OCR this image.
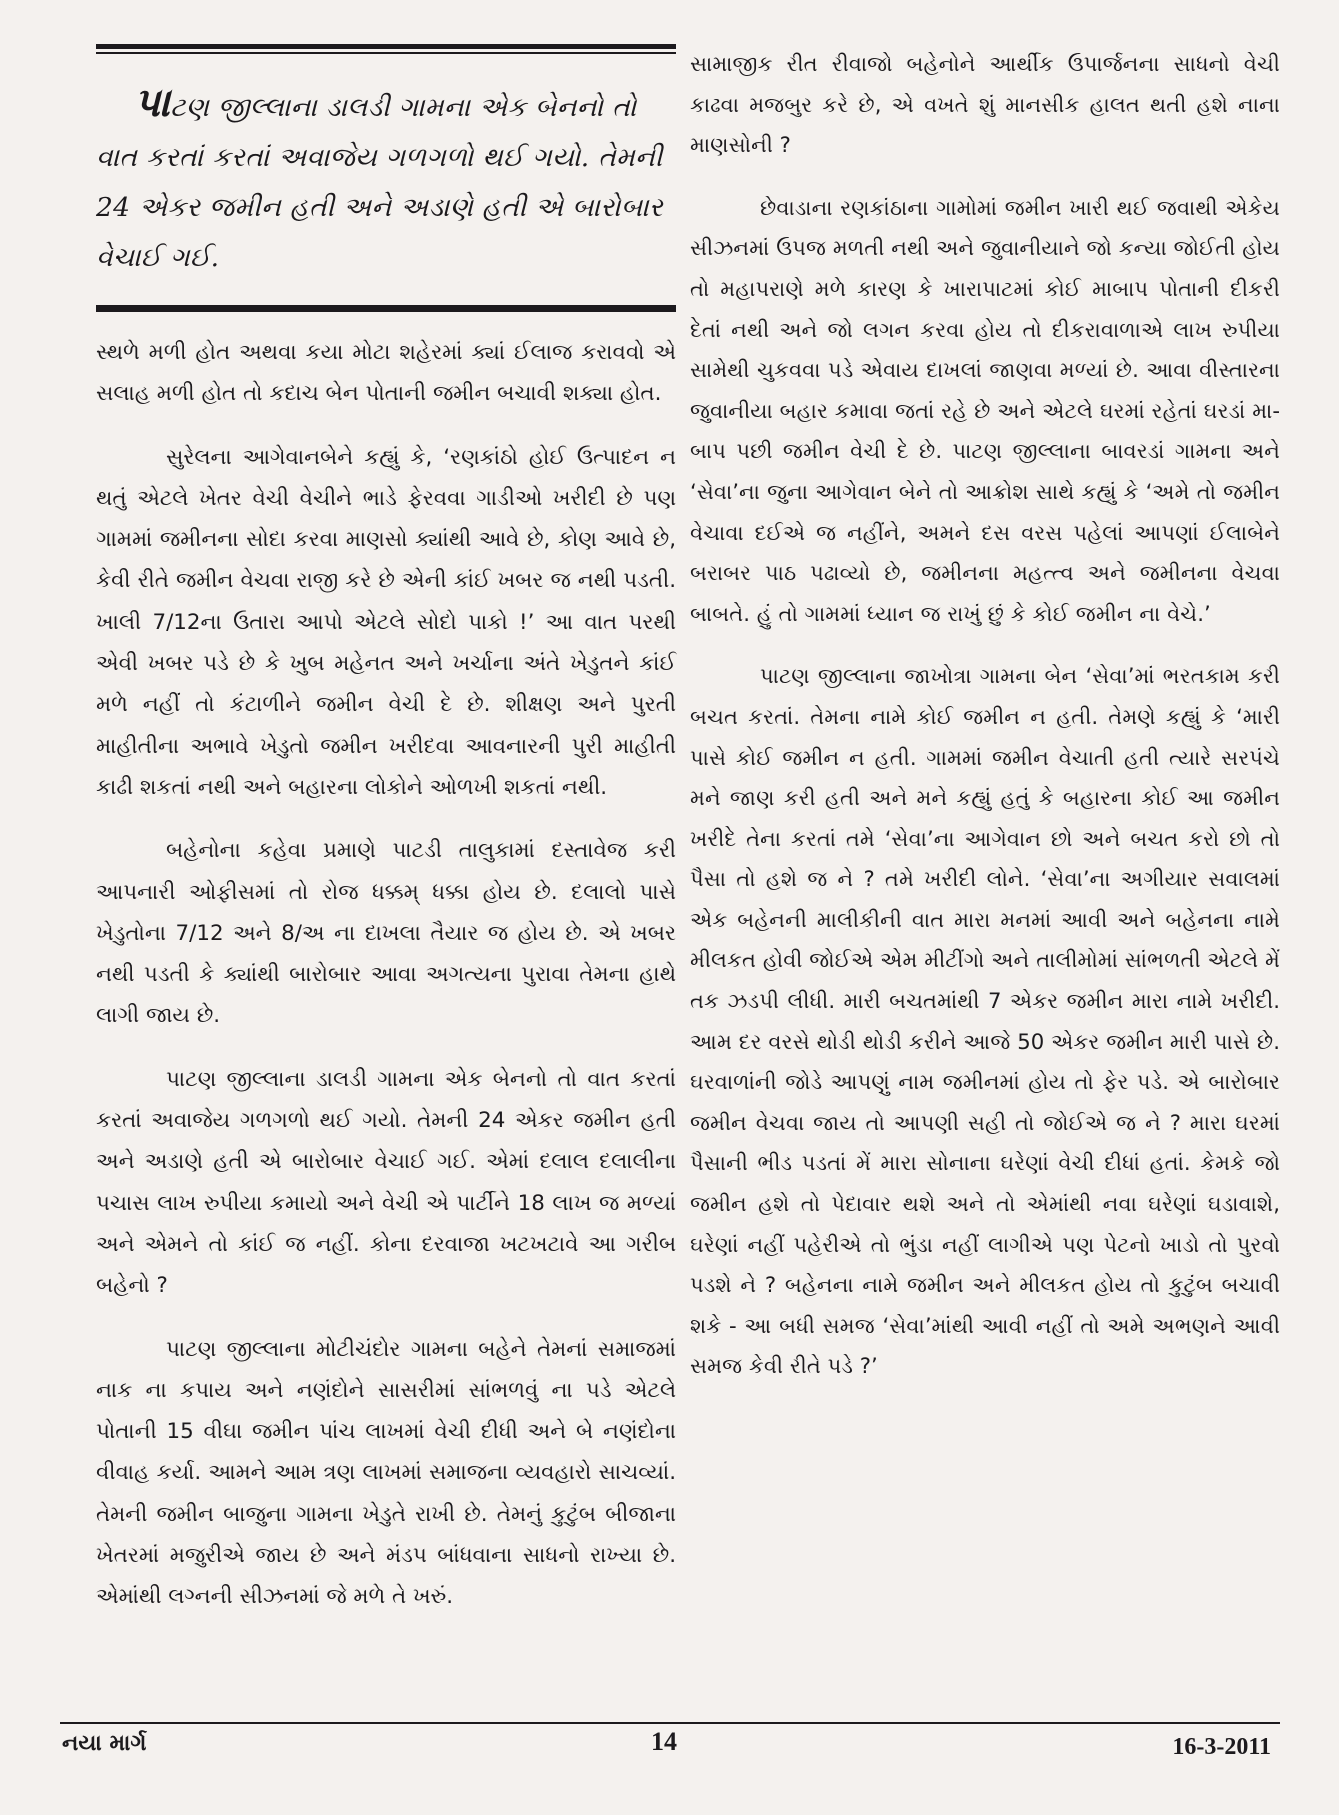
પાટણ જીલ્લાના ડાલડી ગામના એક બેનનો તો વાત કરતાં કરતાં અવાજેય ગળગળો થઈ ગયો. તેમની 24 એકર જમીન હતી અને અડાણે હતી એ બારોબાર વેચાઈ ગઈ.

સ્થળે મળી હોત અથવા કયા મોટા શહેરમાં ક્યાં ઈલાજ કરાવવો એ સલાહ મળી હોત તો કદાચ બેન પોતાની જમીન બચાવી શક્યા હોત.

સુરેલના આગેવાનબેને કહ્યું કે, ‘રણકાંઠો હોઈ ઉત્પાદન ન થતું એટલે ખેતર વેચી વેચીને ભાડે ફેરવવા ગાડીઓ ખરીદી છે પણ ગામમાં જમીનના સોદા કરવા માણસો ક્યાંથી આવે છે, કોણ આવે છે, કેવી રીતે જમીન વેચવા રાજી કરે છે એની કાંઈ ખબર જ નથી પડતી. ખાલી 7/12ના ઉતારા આપો એટલે સોદો પાકો !’ આ વાત પરથી એવી ખબર પડે છે કે ખુબ મહેનત અને ખર્ચાના અંતે ખેડુતને કાંઈ મળે નહીં તો કંટાળીને જમીન વેચી દે છે. શીક્ષણ અને પુરતી માહીતીના અભાવે ખેડુતો જમીન ખરીદવા આવનારની પુરી માહીતી કાઢી શકતાં નથી અને બહારના લોકોને ઓળખી શકતાં નથી.

બહેનોના કહેવા પ્રમાણે પાટડી તાલુકામાં દસ્તાવેજ કરી આપનારી ઓફીસમાં તો રોજ ધક્કમ્ ધક્કા હોય છે. દલાલો પાસે ખેડુતોના 7/12 અને 8/અ ના દાખલા તૈયાર જ હોય છે. એ ખબર નથી પડતી કે ક્યાંથી બારોબાર આવા અગત્યના પુરાવા તેમના હાથે લાગી જાય છે.

પાટણ જીલ્લાના ડાલડી ગામના એક બેનનો તો વાત કરતાં કરતાં અવાજેય ગળગળો થઈ ગયો. તેમની 24 એકર જમીન હતી અને અડાણે હતી એ બારોબાર વેચાઈ ગઈ. એમાં દલાલ દલાલીના પચાસ લાખ રુપીયા કમાયો અને વેચી એ પાર્ટીને 18 લાખ જ મળ્યાં અને એમને તો કાંઈ જ નહીં. કોના દરવાજા ખટખટાવે આ ગરીબ બહેનો ?

પાટણ જીલ્લાના મોટીચંદોર ગામના બહેને તેમનાં સમાજમાં નાક ના કપાય અને નણંદોને સાસરીમાં સાંભળવું ના પડે એટલે પોતાની 15 વીઘા જમીન પાંચ લાખમાં વેચી દીધી અને બે નણંદોના વીવાહ કર્યા. આમને આમ ત્રણ લાખમાં સમાજના વ્યવહારો સાચવ્યાં. તેમની જમીન બાજુના ગામના ખેડુતે રાખી છે. તેમનું કુટુંબ બીજાના ખેતરમાં મજુરીએ જાય છે અને મંડપ બાંધવાના સાધનો રાખ્યા છે. એમાંથી લગ્નની સીઝનમાં જે મળે તે ખરું.

સામાજીક રીત રીવાજો બહેનોને આર્થીક ઉપાર્જનના સાધનો વેચી કાઢવા મજબુર કરે છે, એ વખતે શું માનસીક હાલત થતી હશે નાના માણસોની ?

છેવાડાના રણકાંઠાના ગામોમાં જમીન ખારી થઈ જવાથી એકેય સીઝનમાં ઉપજ મળતી નથી અને જુવાનીયાને જો કન્યા જોઈતી હોય તો મહાપરાણે મળે કારણ કે ખારાપાટમાં કોઈ માબાપ પોતાની દીકરી દેતાં નથી અને જો લગન કરવા હોય તો દીકરાવાળાએ લાખ રુપીયા સામેથી ચુકવવા પડે એવાય દાખલાં જાણવા મળ્યાં છે. આવા વીસ્તારના જુવાનીયા બહાર કમાવા જતાં રહે છે અને એટલે ઘરમાં રહેતાં ઘરડાં મા-બાપ પછી જમીન વેચી દે છે. પાટણ જીલ્લાના બાવરડાં ગામના અને ‘સેવા’ના જુના આગેવાન બેને તો આક્રોશ સાથે કહ્યું કે ‘અમે તો જમીન વેચાવા દઈએ જ નહીંને, અમને દસ વરસ પહેલાં આપણાં ઈલાબેને બરાબર પાઠ પઢાવ્યો છે, જમીનના મહત્ત્વ અને જમીનના વેચવા બાબતે. હું તો ગામમાં ધ્યાન જ રાખું છું કે કોઈ જમીન ના વેચે.’

પાટણ જીલ્લાના જાખોત્રા ગામના બેન ‘સેવા’માં ભરતકામ કરી બચત કરતાં. તેમના નામે કોઈ જમીન ન હતી. તેમણે કહ્યું કે ‘મારી પાસે કોઈ જમીન ન હતી. ગામમાં જમીન વેચાતી હતી ત્યારે સરપંચે મને જાણ કરી હતી અને મને કહ્યું હતું કે બહારના કોઈ આ જમીન ખરીદે તેના કરતાં તમે ‘સેવા’ના આગેવાન છો અને બચત કરો છો તો પૈસા તો હશે જ ને ? તમે ખરીદી લોને. ‘સેવા’ના અગીયાર સવાલમાં એક બહેનની માલીકીની વાત મારા મનમાં આવી અને બહેનના નામે મીલકત હોવી જોઈએ એમ મીટીંગો અને તાલીમોમાં સાંભળતી એટલે મેં તક ઝડપી લીધી. મારી બચતમાંથી 7 એકર જમીન મારા નામે ખરીદી. આમ દર વરસે થોડી થોડી કરીને આજે 50 એકર જમીન મારી પાસે છે. ઘરવાળાંની જોડે આપણું નામ જમીનમાં હોય તો ફેર પડે. એ બારોબાર જમીન વેચવા જાય તો આપણી સહી તો જોઈએ જ ને ? મારા ઘરમાં પૈસાની ભીડ પડતાં મેં મારા સોનાના ઘરેણાં વેચી દીધાં હતાં. કેમકે જો જમીન હશે તો પેદાવાર થશે અને તો એમાંથી નવા ઘરેણાં ઘડાવાશે, ઘરેણાં નહીં પહેરીએ તો ભુંડા નહીં લાગીએ પણ પેટનો ખાડો તો પુરવો પડશે ને ? બહેનના નામે જમીન અને મીલકત હોય તો કુટુંબ બચાવી શકે - આ બધી સમજ ‘સેવા’માંથી આવી નહીં તો અમે અભણને આવી સમજ કેવી રીતે પડે ?’

નયા માર્ગ	14	16-3-2011
